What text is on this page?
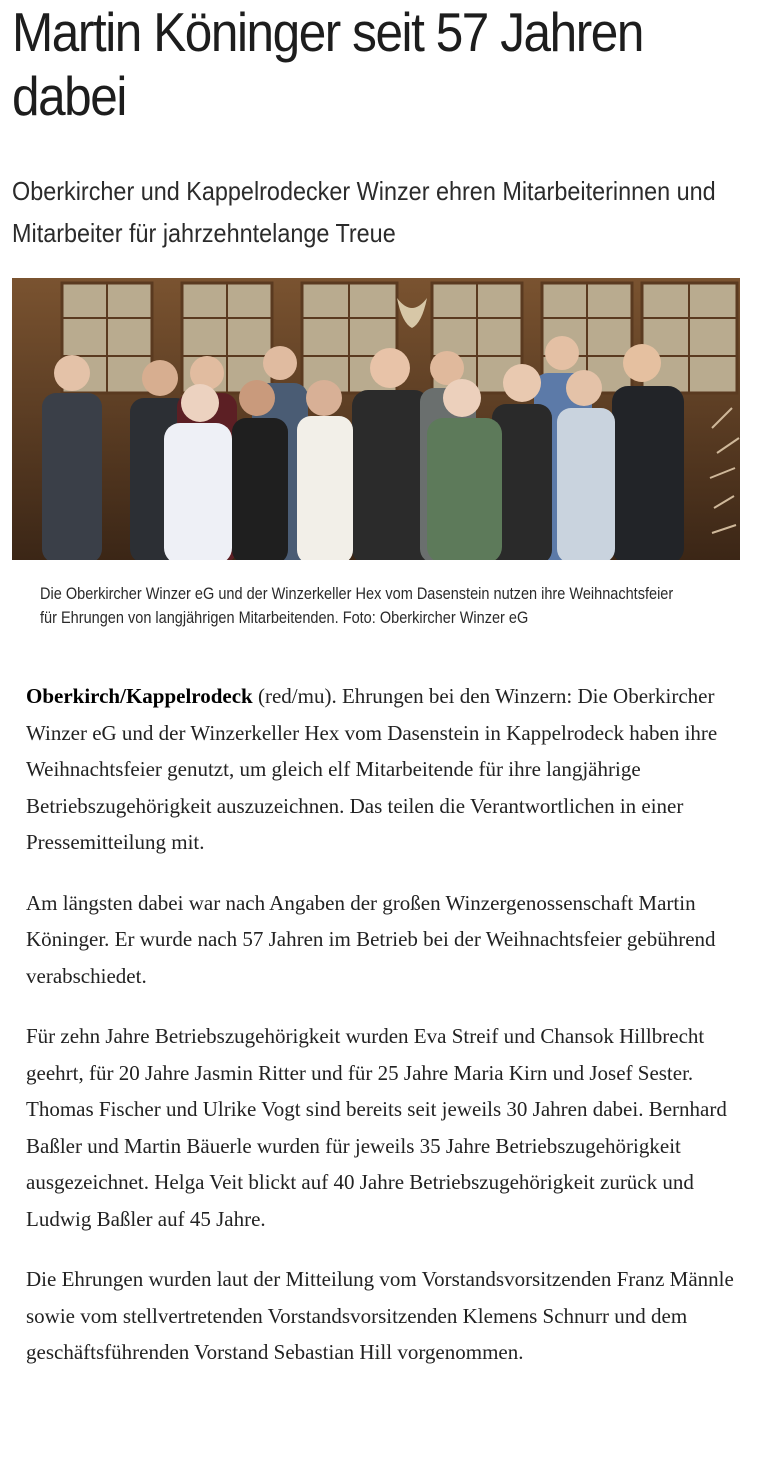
Martin Köninger seit 57 Jahren dabei

Oberkircher und Kappelrodecker Winzer ehren Mitarbeiterinnen und Mitarbeiter für jahrzehntelange Treue

Die Oberkircher Winzer eG und der Winzerkeller Hex vom Dasenstein nutzen ihre Weihnachtsfeier für Ehrungen von langjährigen Mitarbeitenden. Foto: Oberkircher Winzer eG

Oberkirch/Kappelrodeck (red/mu). Ehrungen bei den Winzern: Die Oberkircher Winzer eG und der Winzerkeller Hex vom Dasenstein in Kappelrodeck haben ihre Weihnachtsfeier genutzt, um gleich elf Mitarbeitende für ihre langjährige Betriebszugehörigkeit auszuzeichnen. Das teilen die Verantwortlichen in einer Pressemitteilung mit.

Am längsten dabei war nach Angaben der großen Winzergenossenschaft Martin Köninger. Er wurde nach 57 Jahren im Betrieb bei der Weihnachtsfeier gebührend verabschiedet.

Für zehn Jahre Betriebszugehörigkeit wurden Eva Streif und Chansok Hillbrecht geehrt, für 20 Jahre Jasmin Ritter und für 25 Jahre Maria Kirn und Josef Sester. Thomas Fischer und Ulrike Vogt sind bereits seit jeweils 30 Jahren dabei. Bernhard Baßler und Martin Bäuerle wurden für jeweils 35 Jahre Betriebszugehörigkeit ausgezeichnet. Helga Veit blickt auf 40 Jahre Betriebszugehörigkeit zurück und Ludwig Baßler auf 45 Jahre.

Die Ehrungen wurden laut der Mitteilung vom Vorstandsvorsitzenden Franz Männle sowie vom stellvertretenden Vorstandsvorsitzenden Klemens Schnurr und dem geschäftsführenden Vorstand Sebastian Hill vorgenommen.
